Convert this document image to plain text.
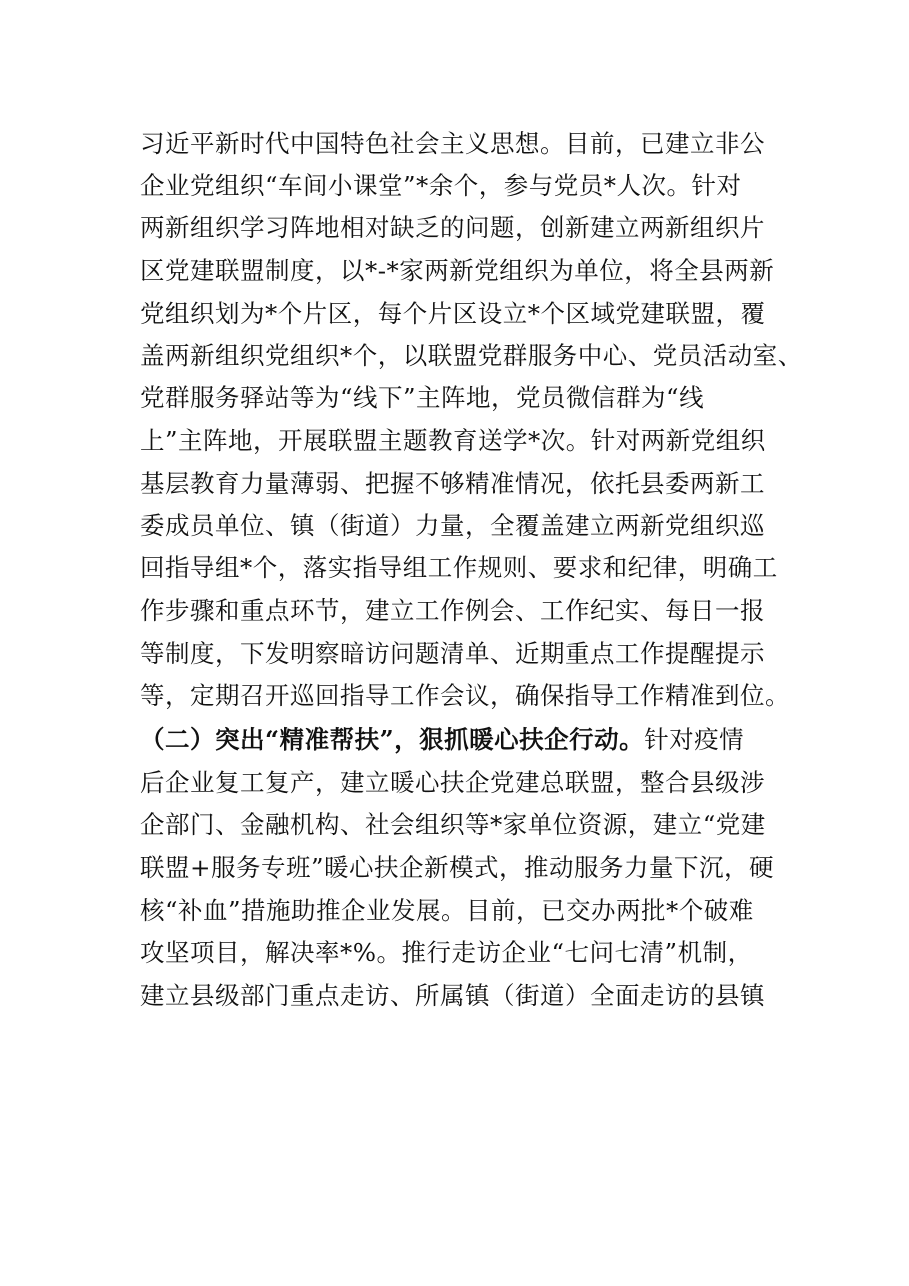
习近平新时代中国特色社会主义思想。目前，已建立非公
企业党组织“车间小课堂”*余个，参与党员*人次。针对
两新组织学习阵地相对缺乏的问题，创新建立两新组织片
区党建联盟制度，以*-*家两新党组织为单位，将全县两新
党组织划为*个片区，每个片区设立*个区域党建联盟，覆
盖两新组织党组织*个，以联盟党群服务中心、党员活动室、
党群服务驿站等为“线下”主阵地，党员微信群为“线
上”主阵地，开展联盟主题教育送学*次。针对两新党组织
基层教育力量薄弱、把握不够精准情况，依托县委两新工
委成员单位、镇（街道）力量，全覆盖建立两新党组织巡
回指导组*个，落实指导组工作规则、要求和纪律，明确工
作步骤和重点环节，建立工作例会、工作纪实、每日一报
等制度，下发明察暗访问题清单、近期重点工作提醒提示
等，定期召开巡回指导工作会议，确保指导工作精准到位。
（二）突出“精准帮扶”，狠抓暖心扶企行动。针对疫情
后企业复工复产，建立暖心扶企党建总联盟，整合县级涉
企部门、金融机构、社会组织等*家单位资源，建立“党建
联盟+服务专班”暖心扶企新模式，推动服务力量下沉，硬
核“补血”措施助推企业发展。目前，已交办两批*个破难
攻坚项目，解决率*%。推行走访企业“七问七清”机制，
建立县级部门重点走访、所属镇（街道）全面走访的县镇
